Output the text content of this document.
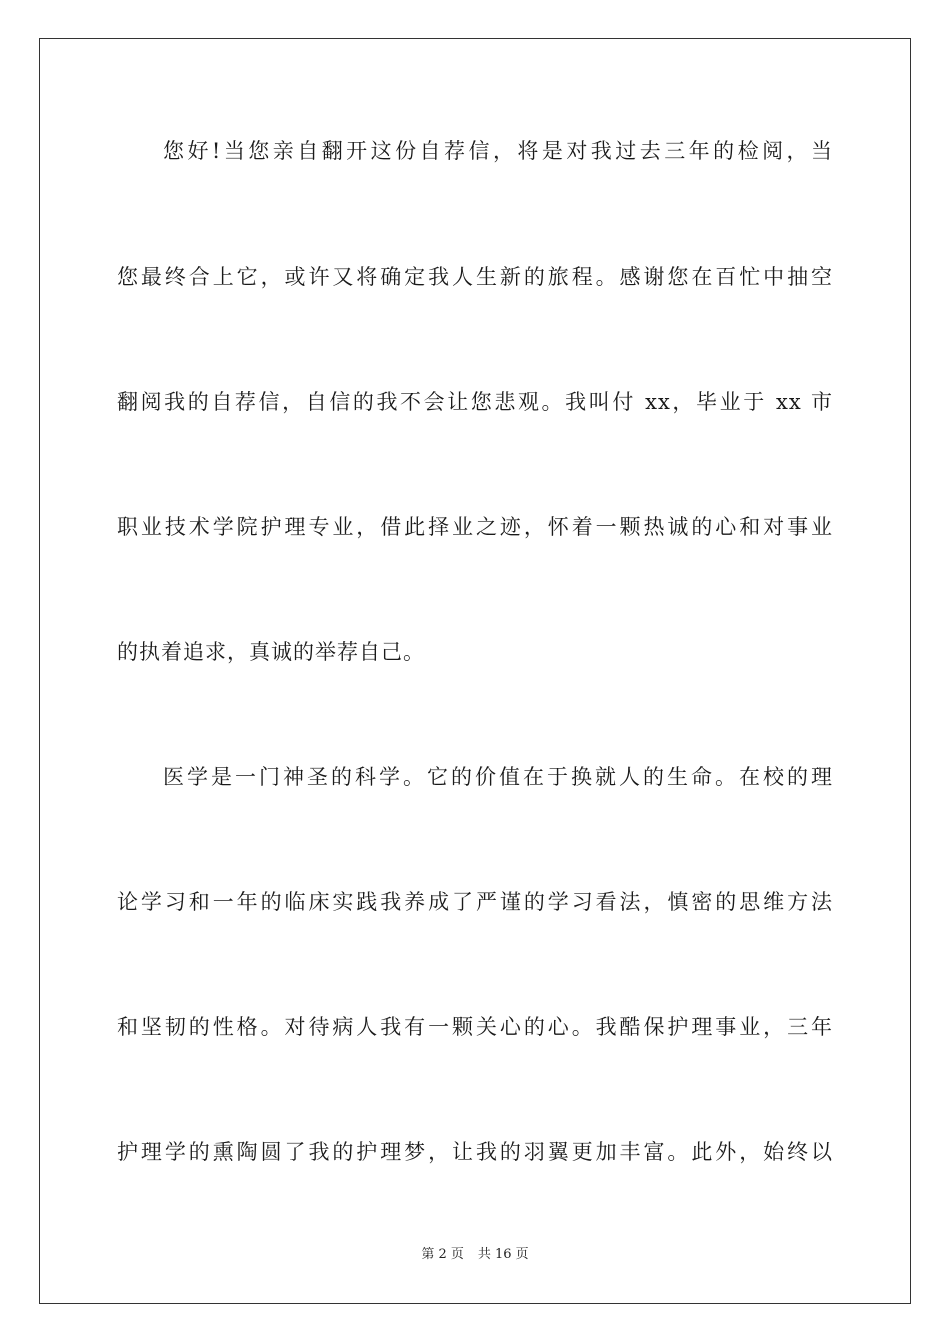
您好!当您亲自翻开这份自荐信，将是对我过去三年的检阅，当
您最终合上它，或许又将确定我人生新的旅程。感谢您在百忙中抽空
翻阅我的自荐信，自信的我不会让您悲观。我叫付 xx，毕业于 xx 市
职业技术学院护理专业，借此择业之迹，怀着一颗热诚的心和对事业
的执着追求，真诚的举荐自己。
医学是一门神圣的科学。它的价值在于换就人的生命。在校的理
论学习和一年的临床实践我养成了严谨的学习看法，慎密的思维方法
和坚韧的性格。对待病人我有一颗关心的心。我酷保护理事业，三年
护理学的熏陶圆了我的护理梦，让我的羽翼更加丰富。此外，始终以
第 2 页 共 16 页
